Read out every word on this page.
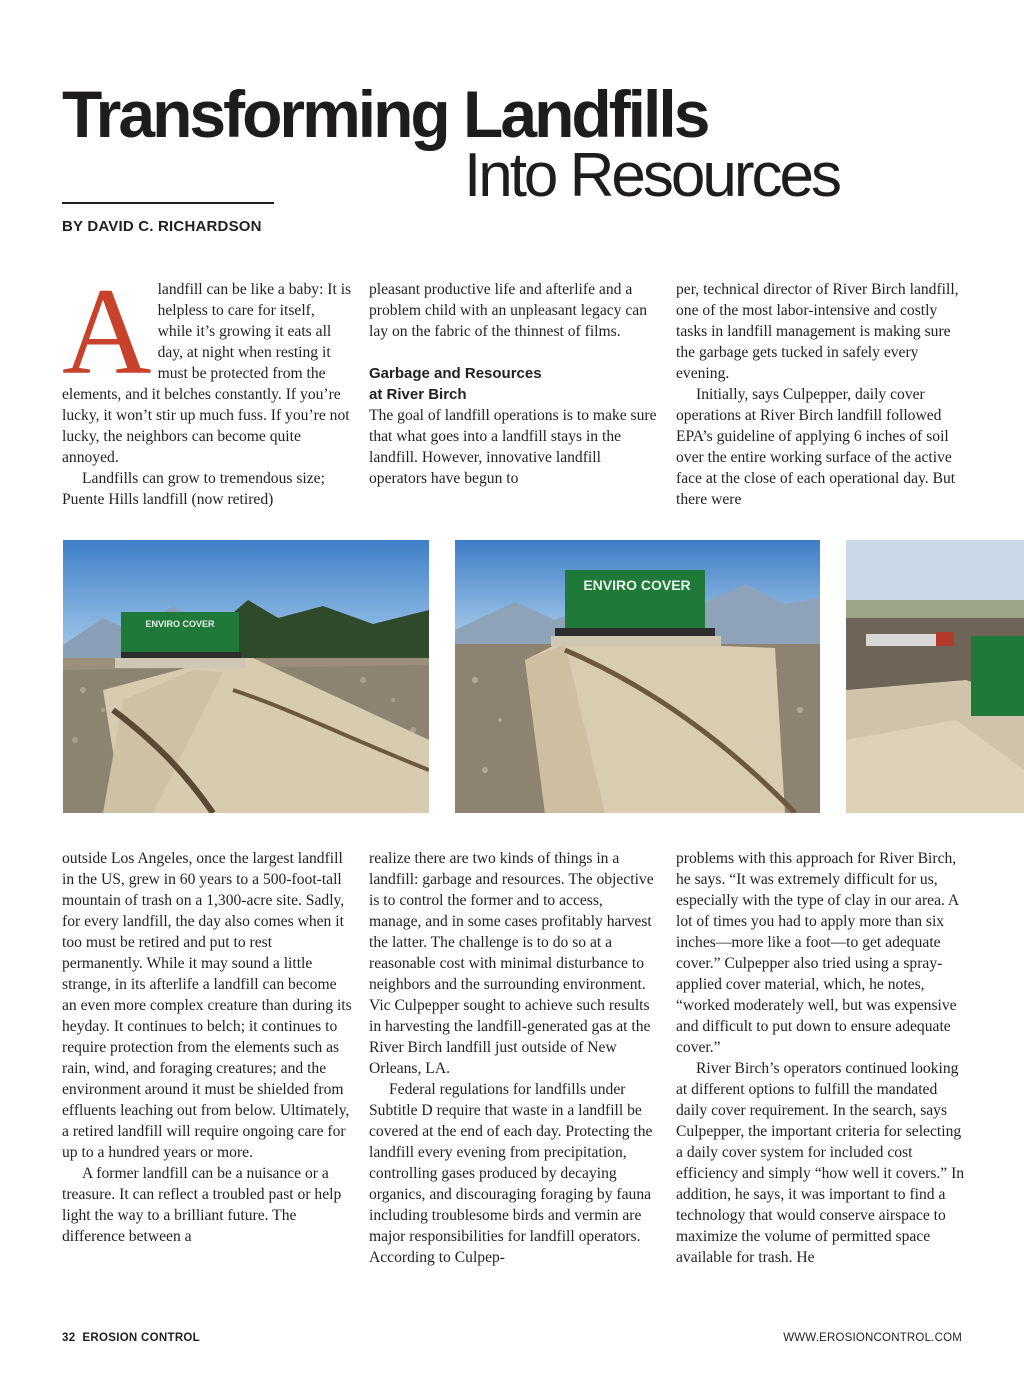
Transforming Landfills
Into Resources
BY DAVID C. RICHARDSON

Alandfill can be like a baby: It is helpless to care for itself, while it’s growing it eats all day, at night when resting it must be protected from the elements, and it belches constantly. If you’re lucky, it won’t stir up much fuss. If you’re not lucky, the neighbors can become quite annoyed.

Landfills can grow to tremendous size; Puente Hills landfill (now retired)

pleasant productive life and afterlife and a problem child with an unpleasant legacy can lay on the fabric of the thinnest of films.

Garbage and Resources
at River Birch

The goal of landfill operations is to make sure that what goes into a landfill stays in the landfill. However, innovative landfill operators have begun to

per, technical director of River Birch landfill, one of the most labor-intensive and costly tasks in landfill management is making sure the garbage gets tucked in safely every evening.

Initially, says Culpepper, daily cover operations at River Birch landfill followed EPA’s guideline of applying 6 inches of soil over the entire working surface of the active face at the close of each operational day. But there were

ENVIRO COVER
ENVIRO COVER

outside Los Angeles, once the largest landfill in the US, grew in 60 years to a 500-foot-tall mountain of trash on a 1,300-acre site. Sadly, for every landfill, the day also comes when it too must be retired and put to rest permanently. While it may sound a little strange, in its afterlife a landfill can become an even more complex creature than during its heyday. It continues to belch; it continues to require protection from the elements such as rain, wind, and foraging creatures; and the environment around it must be shielded from effluents leaching out from below. Ultimately, a retired landfill will require ongoing care for up to a hundred years or more.

A former landfill can be a nuisance or a treasure. It can reflect a troubled past or help light the way to a brilliant future. The difference between a

realize there are two kinds of things in a landfill: garbage and resources. The objective is to control the former and to access, manage, and in some cases profitably harvest the latter. The challenge is to do so at a reasonable cost with minimal disturbance to neighbors and the surrounding environment. Vic Culpepper sought to achieve such results in harvesting the landfill-generated gas at the River Birch landfill just outside of New Orleans, LA.

Federal regulations for landfills under Subtitle D require that waste in a landfill be covered at the end of each day. Protecting the landfill every evening from precipitation, controlling gases produced by decaying organics, and discouraging foraging by fauna including troublesome birds and vermin are major responsibilities for landfill operators. According to Culpep-

problems with this approach for River Birch, he says. “It was extremely difficult for us, especially with the type of clay in our area. A lot of times you had to apply more than six inches—more like a foot—to get adequate cover.” Culpepper also tried using a spray-applied cover material, which, he notes, “worked moderately well, but was expensive and difficult to put down to ensure adequate cover.”

River Birch’s operators continued looking at different options to fulfill the mandated daily cover requirement. In the search, says Culpepper, the important criteria for selecting a daily cover system for included cost efficiency and simply “how well it covers.” In addition, he says, it was important to find a technology that would conserve airspace to maximize the volume of permitted space available for trash. He

32 EROSION CONTROL	WWW.EROSIONCONTROL.COM
